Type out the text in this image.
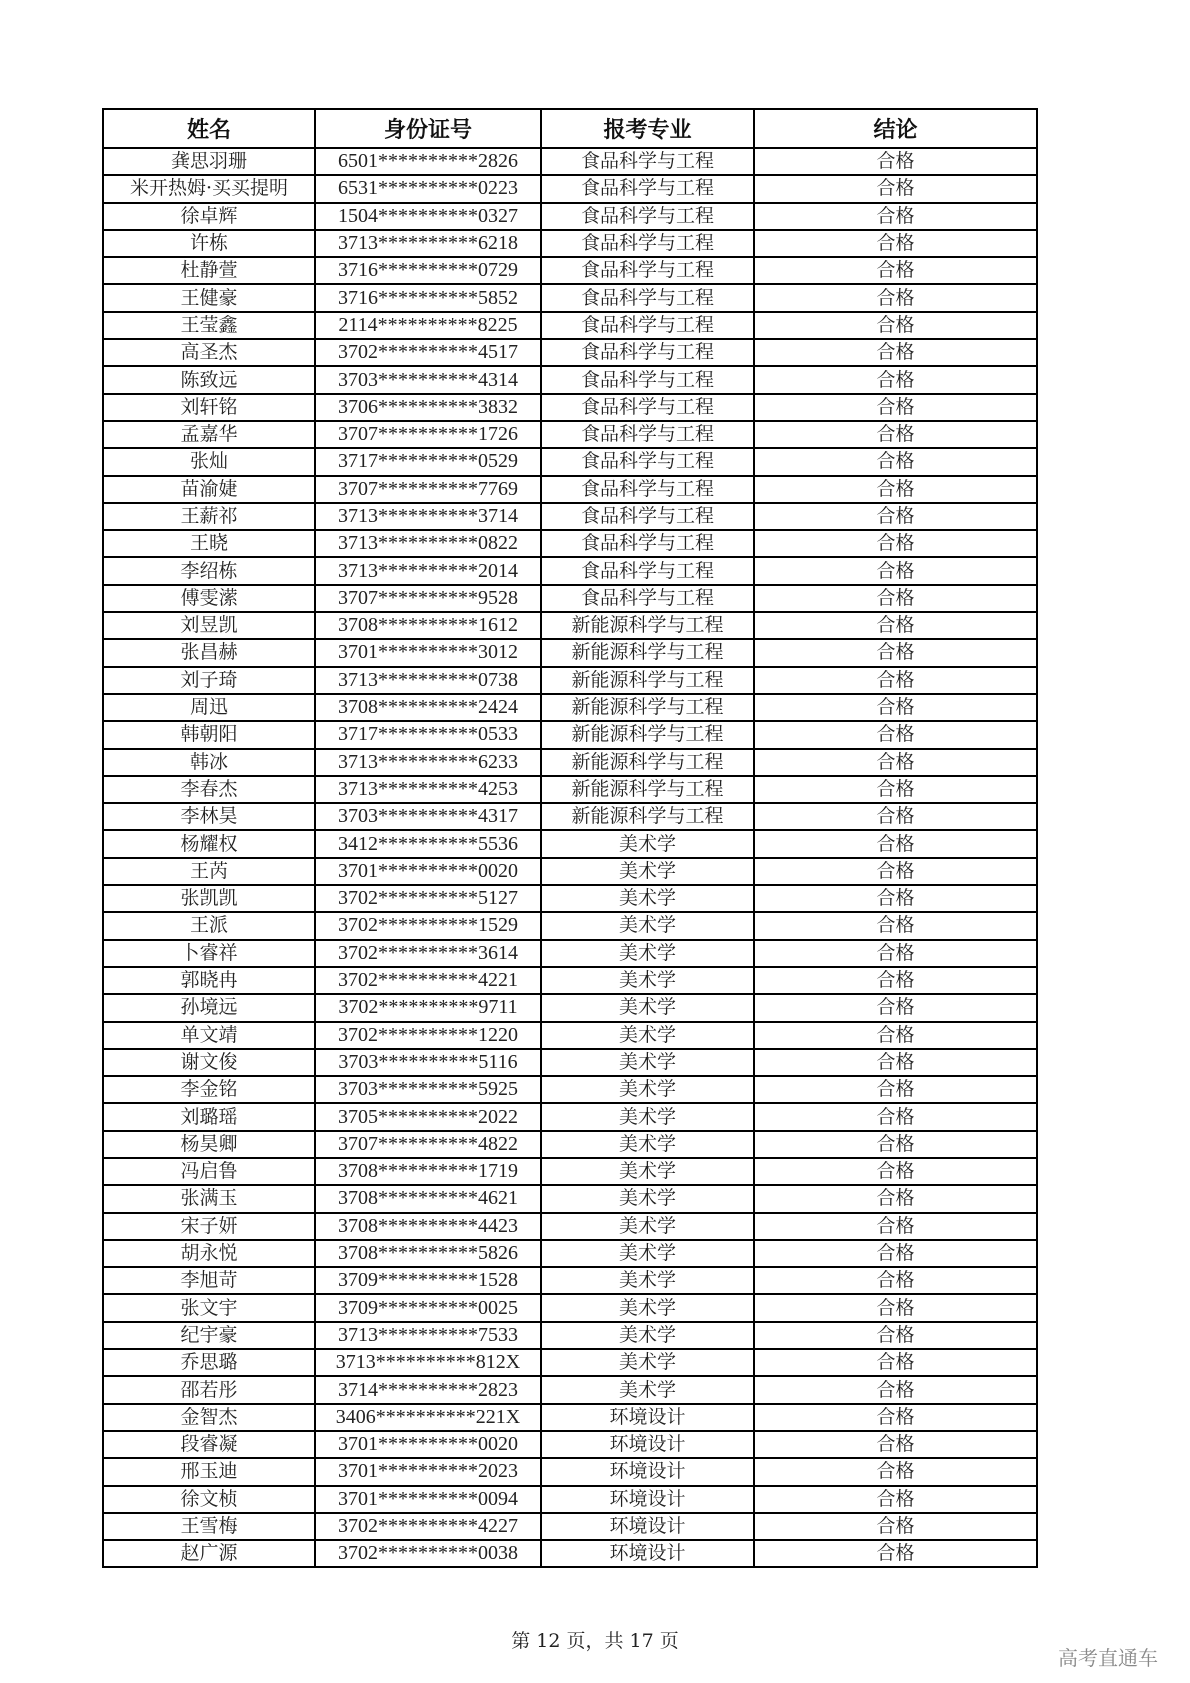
姓名	身份证号	报考专业	结论
龚思羽珊	6501**********2826	食品科学与工程	合格
米开热姆·买买提明	6531**********0223	食品科学与工程	合格
徐卓辉	1504**********0327	食品科学与工程	合格
许栋	3713**********6218	食品科学与工程	合格
杜静萱	3716**********0729	食品科学与工程	合格
王健豪	3716**********5852	食品科学与工程	合格
王莹鑫	2114**********8225	食品科学与工程	合格
高圣杰	3702**********4517	食品科学与工程	合格
陈致远	3703**********4314	食品科学与工程	合格
刘轩铭	3706**********3832	食品科学与工程	合格
孟嘉华	3707**********1726	食品科学与工程	合格
张灿	3717**********0529	食品科学与工程	合格
苗渝婕	3707**********7769	食品科学与工程	合格
王薪祁	3713**********3714	食品科学与工程	合格
王晓	3713**********0822	食品科学与工程	合格
李绍栋	3713**********2014	食品科学与工程	合格
傅雯潆	3707**********9528	食品科学与工程	合格
刘昱凯	3708**********1612	新能源科学与工程	合格
张昌赫	3701**********3012	新能源科学与工程	合格
刘子琦	3713**********0738	新能源科学与工程	合格
周迅	3708**********2424	新能源科学与工程	合格
韩朝阳	3717**********0533	新能源科学与工程	合格
韩冰	3713**********6233	新能源科学与工程	合格
李春杰	3713**********4253	新能源科学与工程	合格
李林昊	3703**********4317	新能源科学与工程	合格
杨耀权	3412**********5536	美术学	合格
王芮	3701**********0020	美术学	合格
张凯凯	3702**********5127	美术学	合格
王派	3702**********1529	美术学	合格
卜睿祥	3702**********3614	美术学	合格
郭晓冉	3702**********4221	美术学	合格
孙境远	3702**********9711	美术学	合格
单文靖	3702**********1220	美术学	合格
谢文俊	3703**********5116	美术学	合格
李金铭	3703**********5925	美术学	合格
刘璐瑶	3705**********2022	美术学	合格
杨昊卿	3707**********4822	美术学	合格
冯启鲁	3708**********1719	美术学	合格
张满玉	3708**********4621	美术学	合格
宋子妍	3708**********4423	美术学	合格
胡永悦	3708**********5826	美术学	合格
李旭苛	3709**********1528	美术学	合格
张文宇	3709**********0025	美术学	合格
纪宇豪	3713**********7533	美术学	合格
乔思璐	3713**********812X	美术学	合格
邵若彤	3714**********2823	美术学	合格
金智杰	3406**********221X	环境设计	合格
段睿凝	3701**********0020	环境设计	合格
邢玉迪	3701**********2023	环境设计	合格
徐文桢	3701**********0094	环境设计	合格
王雪梅	3702**********4227	环境设计	合格
赵广源	3702**********0038	环境设计	合格
第 12 页，共 17 页
高考直通车
